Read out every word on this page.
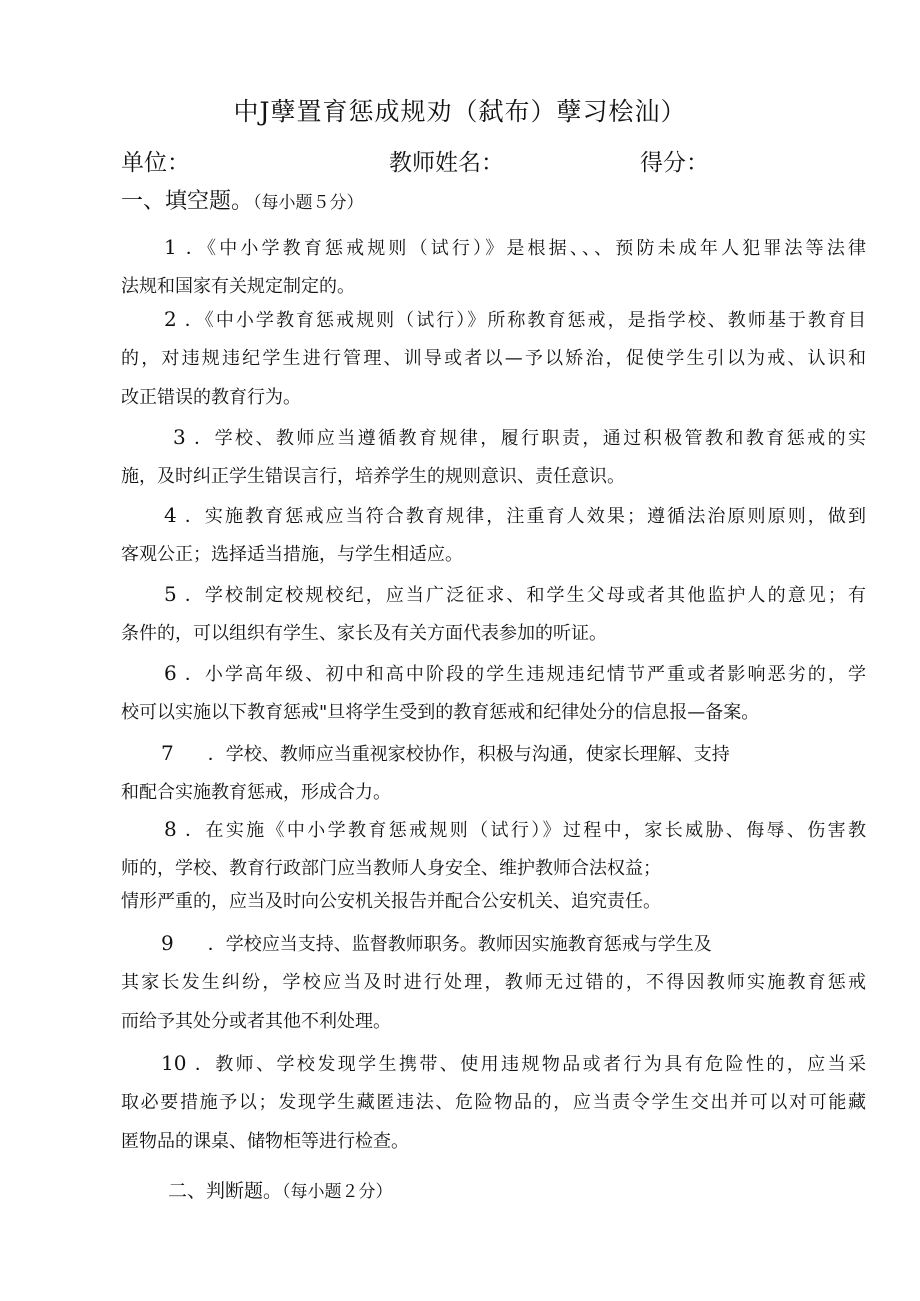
中J孽置育惩成规劝（弑布）孽习桧汕）
单位：	教师姓名：	得分：
一、填空题。（每小题５分）
1 ．《中小学教育惩戒规则（试行）》是根据、、、预防未成年人犯罪法等法律
法规和国家有关规定制定的。
2 ．《中小学教育惩戒规则（试行）》所称教育惩戒，是指学校、教师基于教育目
的，对违规违纪学生进行管理、训导或者以—予以矫治，促使学生引以为戒、认识和
改正错误的教育行为。
3 ．学校、教师应当遵循教育规律，履行职责，通过积极管教和教育惩戒的实
施，及时纠正学生错误言行，培养学生的规则意识、责任意识。
4 ．实施教育惩戒应当符合教育规律，注重育人效果；遵循法治原则原则，做到
客观公正；选择适当措施，与学生相适应。
5 ．学校制定校规校纪，应当广泛征求、和学生父母或者其他监护人的意见；有
条件的，可以组织有学生、家长及有关方面代表参加的听证。
6 ．小学高年级、初中和高中阶段的学生违规违纪情节严重或者影响恶劣的，学
校可以实施以下教育惩戒"旦将学生受到的教育惩戒和纪律处分的信息报—备案。
7 ．学校、教师应当重视家校协作，积极与沟通，使家长理解、支持
和配合实施教育惩戒，形成合力。
8 ．在实施《中小学教育惩戒规则（试行）》过程中，家长威胁、侮辱、伤害教
师的，学校、教育行政部门应当教师人身安全、维护教师合法权益；
情形严重的，应当及时向公安机关报告并配合公安机关、追究责任。
9 ．学校应当支持、监督教师职务。教师因实施教育惩戒与学生及
其家长发生纠纷，学校应当及时进行处理，教师无过错的，不得因教师实施教育惩戒
而给予其处分或者其他不利处理。
10 ．教师、学校发现学生携带、使用违规物品或者行为具有危险性的，应当采
取必要措施予以；发现学生藏匿违法、危险物品的，应当责令学生交出并可以对可能藏
匿物品的课桌、储物柜等进行检查。
二、判断题。（每小题２分）
